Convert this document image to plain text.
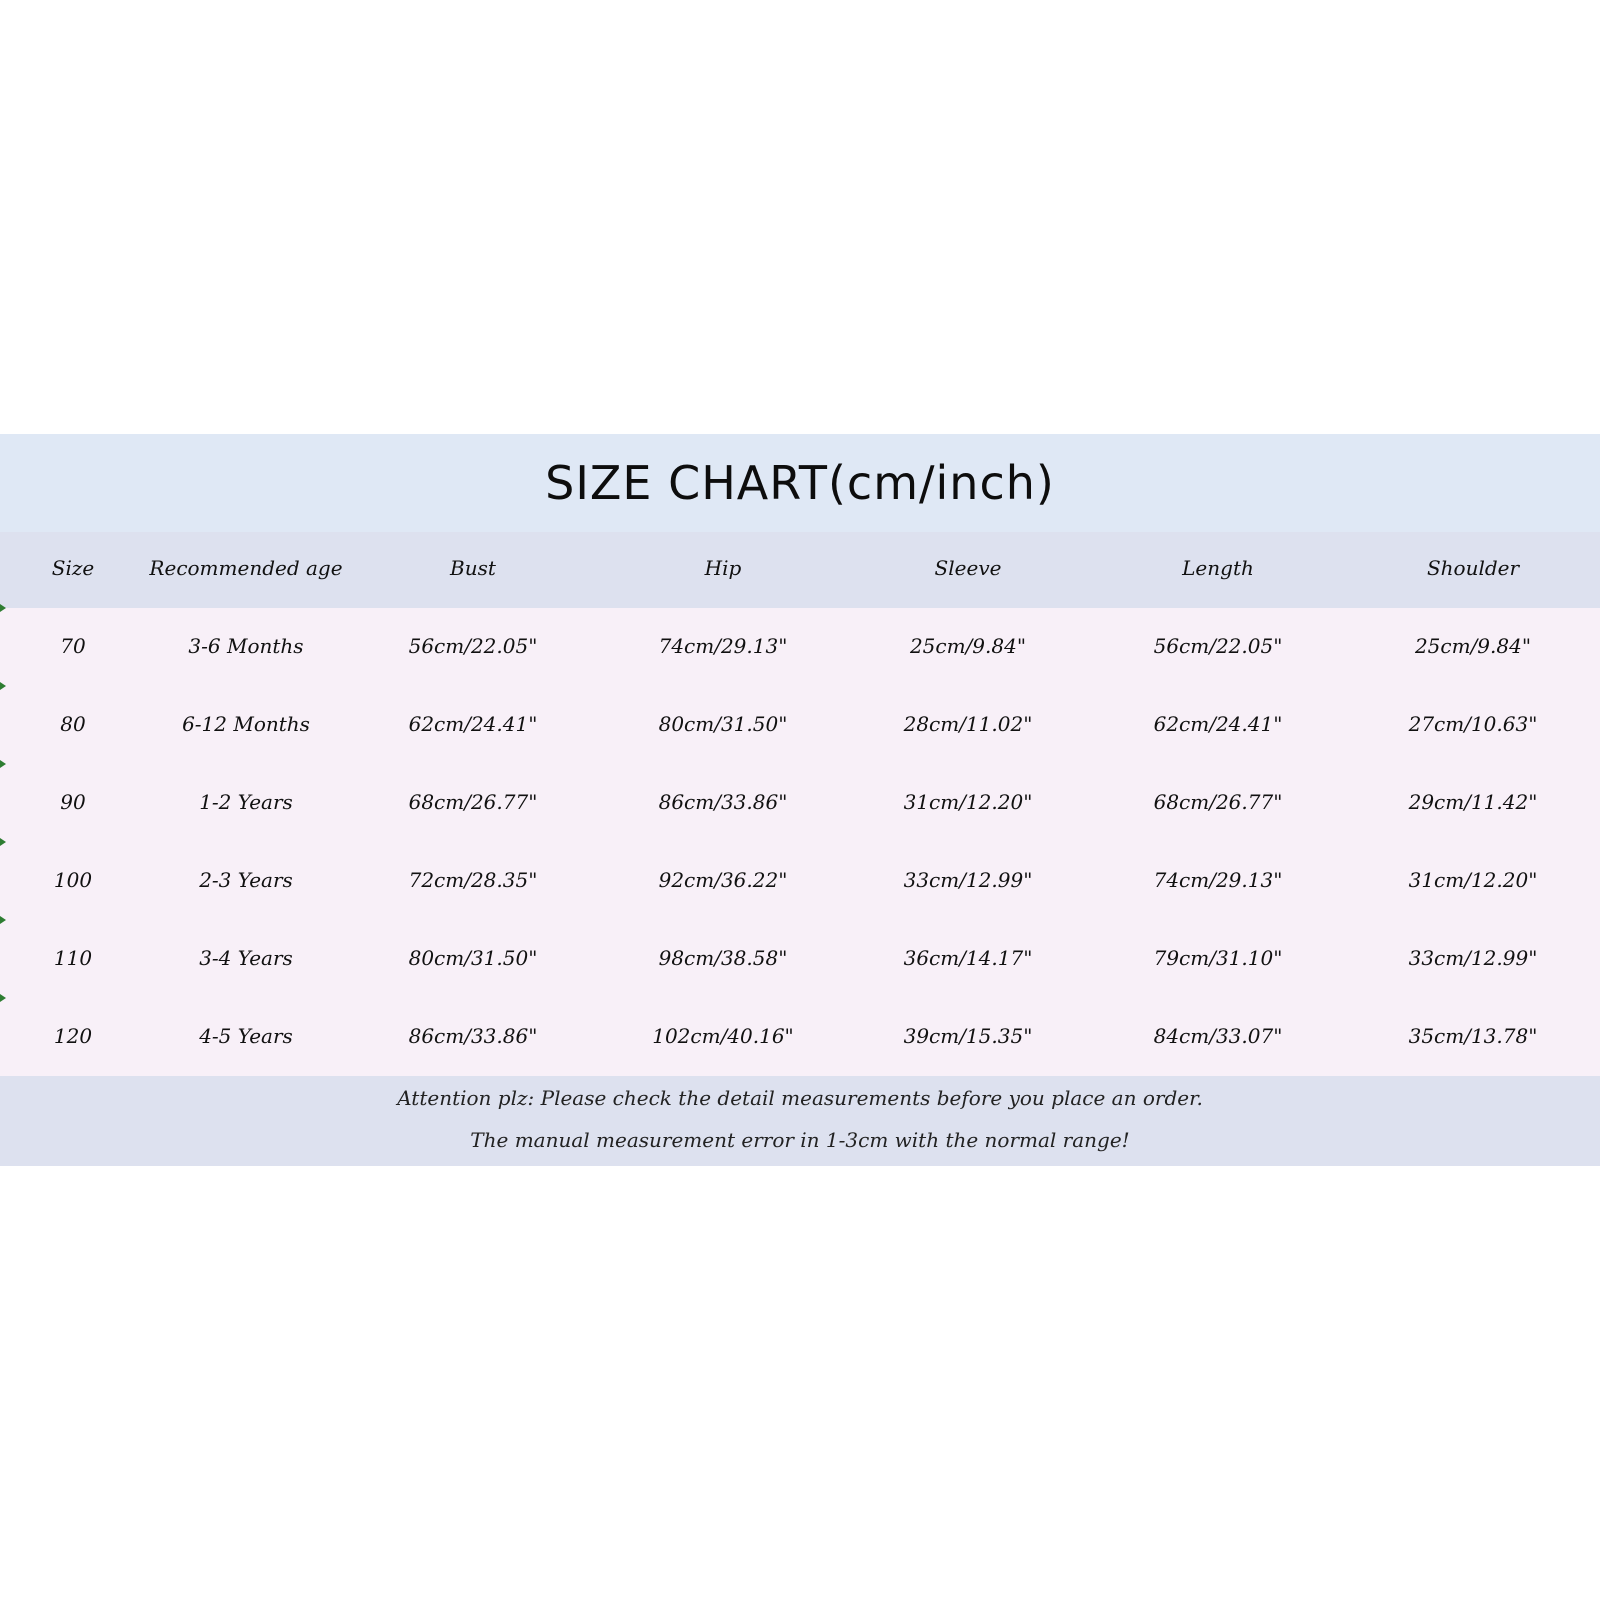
SIZE CHART(cm/inch)
Size	Recommended age	Bust	Hip	Sleeve	Length	Shoulder
70	3-6 Months	56cm/22.05"	74cm/29.13"	25cm/9.84"	56cm/22.05"	25cm/9.84"
80	6-12 Months	62cm/24.41"	80cm/31.50"	28cm/11.02"	62cm/24.41"	27cm/10.63"
90	1-2 Years	68cm/26.77"	86cm/33.86"	31cm/12.20"	68cm/26.77"	29cm/11.42"
100	2-3 Years	72cm/28.35"	92cm/36.22"	33cm/12.99"	74cm/29.13"	31cm/12.20"
110	3-4 Years	80cm/31.50"	98cm/38.58"	36cm/14.17"	79cm/31.10"	33cm/12.99"
120	4-5 Years	86cm/33.86"	102cm/40.16"	39cm/15.35"	84cm/33.07"	35cm/13.78"
Attention plz: Please check the detail measurements before you place an order.
The manual measurement error in 1-3cm with the normal range!
